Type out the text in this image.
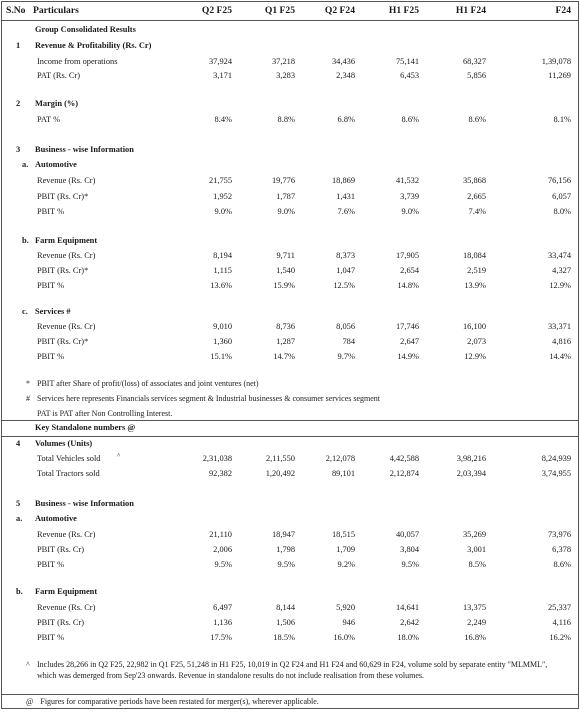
S.No Particulars	Q2 F25	Q1 F25	Q2 F24	H1 F25	H1 F24	F24
Group Consolidated Results
1 Revenue & Profitability (Rs. Cr)
Income from operations	37,924	37,218	34,436	75,141	68,327	1,39,078
PAT (Rs. Cr)	3,171	3,283	2,348	6,453	5,856	11,269
2 Margin (%)
PAT %	8.4%	8.8%	6.8%	8.6%	8.6%	8.1%
3 Business - wise Information
a. Automotive
Revenue (Rs. Cr)	21,755	19,776	18,869	41,532	35,868	76,156
PBIT (Rs. Cr)*	1,952	1,787	1,431	3,739	2,665	6,057
PBIT %	9.0%	9.0%	7.6%	9.0%	7.4%	8.0%
b. Farm Equipment
Revenue (Rs. Cr)	8,194	9,711	8,373	17,905	18,084	33,474
PBIT (Rs. Cr)*	1,115	1,540	1,047	2,654	2,519	4,327
PBIT %	13.6%	15.9%	12.5%	14.8%	13.9%	12.9%
c. Services #
Revenue (Rs. Cr)	9,010	8,736	8,056	17,746	16,100	33,371
PBIT (Rs. Cr)*	1,360	1,287	784	2,647	2,073	4,816
PBIT %	15.1%	14.7%	9.7%	14.9%	12.9%	14.4%
* PBIT after Share of profit/(loss) of associates and joint ventures (net)
# Services here represents Financials services segment & Industrial businesses & consumer services segment
PAT is PAT after Non Controlling Interest.
Key Standalone numbers @
4 Volumes (Units)
Total Vehicles sold ^	2,31,038	2,11,550	2,12,078	4,42,588	3,98,216	8,24,939
Total Tractors sold	92,382	1,20,492	89,101	2,12,874	2,03,394	3,74,955
5 Business - wise Information
a. Automotive
Revenue (Rs. Cr)	21,110	18,947	18,515	40,057	35,269	73,976
PBIT (Rs. Cr)	2,006	1,798	1,709	3,804	3,001	6,378
PBIT %	9.5%	9.5%	9.2%	9.5%	8.5%	8.6%
b. Farm Equipment
Revenue (Rs. Cr)	6,497	8,144	5,920	14,641	13,375	25,337
PBIT (Rs. Cr)	1,136	1,506	946	2,642	2,249	4,116
PBIT %	17.5%	18.5%	16.0%	18.0%	16.8%	16.2%
^ Includes 28,266 in Q2 F25, 22,982 in Q1 F25, 51,248 in H1 F25, 10,019 in Q2 F24 and H1 F24 and 60,629 in F24, volume sold by separate entity "MLMML", which was demerged from Sep'23 onwards. Revenue in standalone results do not include realisation from these volumes.
@ Figures for comparative periods have been restated for merger(s), wherever applicable.
